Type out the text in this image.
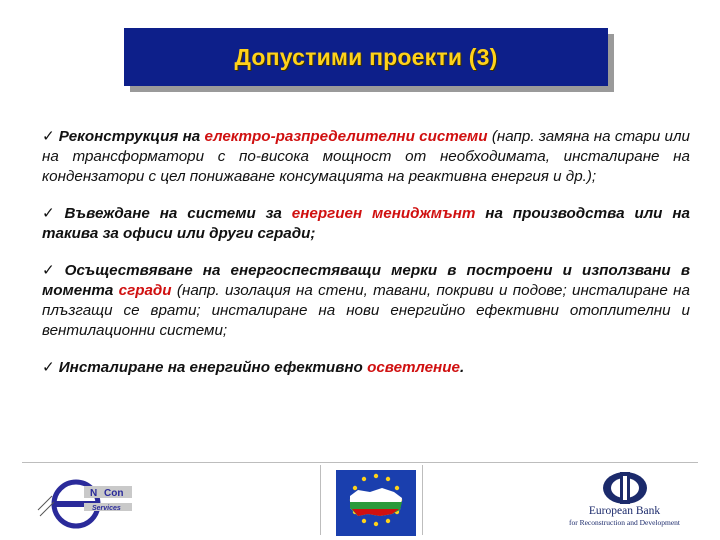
Допустими проекти (3)

✓ Реконструкция на електро-разпределителни системи (напр. замяна на стари или на трансформатори с по-висока мощност от необходимата, инсталиране на кондензатори с цел понижаване консумацията на реактивна енергия и др.);

✓ Въвеждане на системи за енергиен мениджмънт на производства или на такива за офиси или други сгради;

✓ Осъществяване на енергоспестяващи мерки в построени и използвани в момента сгради (напр. изолация на стени, тавани, покриви и подове; инсталиране на плъзгащи се врати; инсталиране на нови енергийно ефективни отоплителни и вентилационни системи;

✓ Инсталиране на енергийно ефективно осветление.

N Con
Services	European Bank
for Reconstruction and Development
